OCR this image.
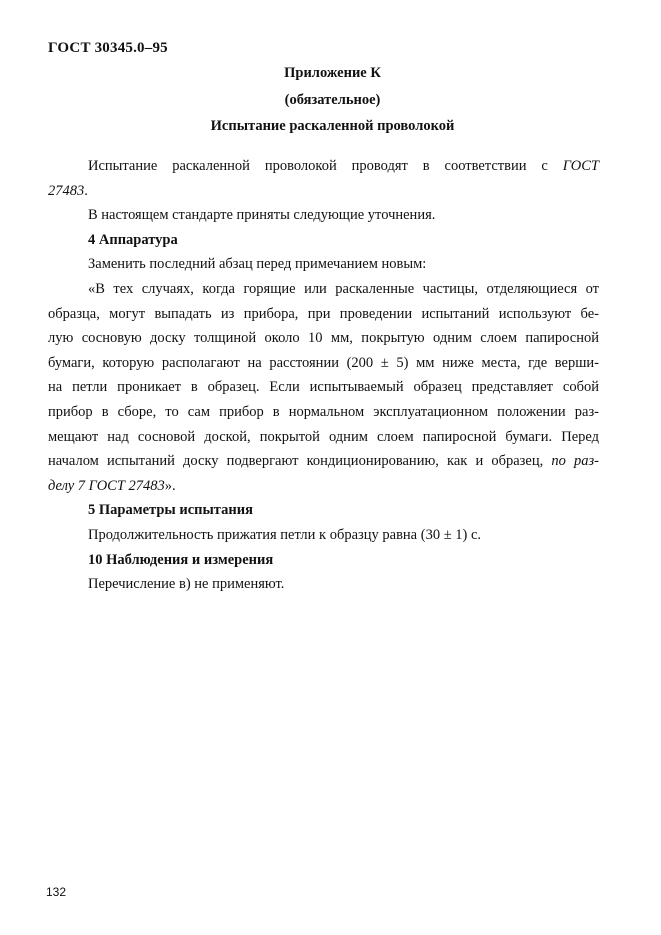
ГОСТ 30345.0–95
Приложение К
(обязательное)
Испытание раскаленной проволокой
Испытание раскаленной проволокой проводят в соответствии с ГОСТ
27483.

В настоящем стандарте приняты следующие уточнения.

4 Аппаратура

Заменить последний абзац перед примечанием новым:

«В тех случаях, когда горящие или раскаленные частицы, отделяющиеся от
образца, могут выпадать из прибора, при проведении испытаний используют бе-
лую сосновую доску толщиной около 10 мм, покрытую одним слоем папиросной
бумаги, которую располагают на расстоянии (200 ± 5) мм ниже места, где верши-
на петли проникает в образец. Если испытываемый образец представляет собой
прибор в сборе, то сам прибор в нормальном эксплуатационном положении раз-
мещают над сосновой доской, покрытой одним слоем папиросной бумаги. Перед
началом испытаний доску подвергают кондиционированию, как и образец, по раз-
делу 7 ГОСТ 27483».

5 Параметры испытания

Продолжительность прижатия петли к образцу равна (30 ± 1) с.

10 Наблюдения и измерения

Перечисление в) не применяют.

132
